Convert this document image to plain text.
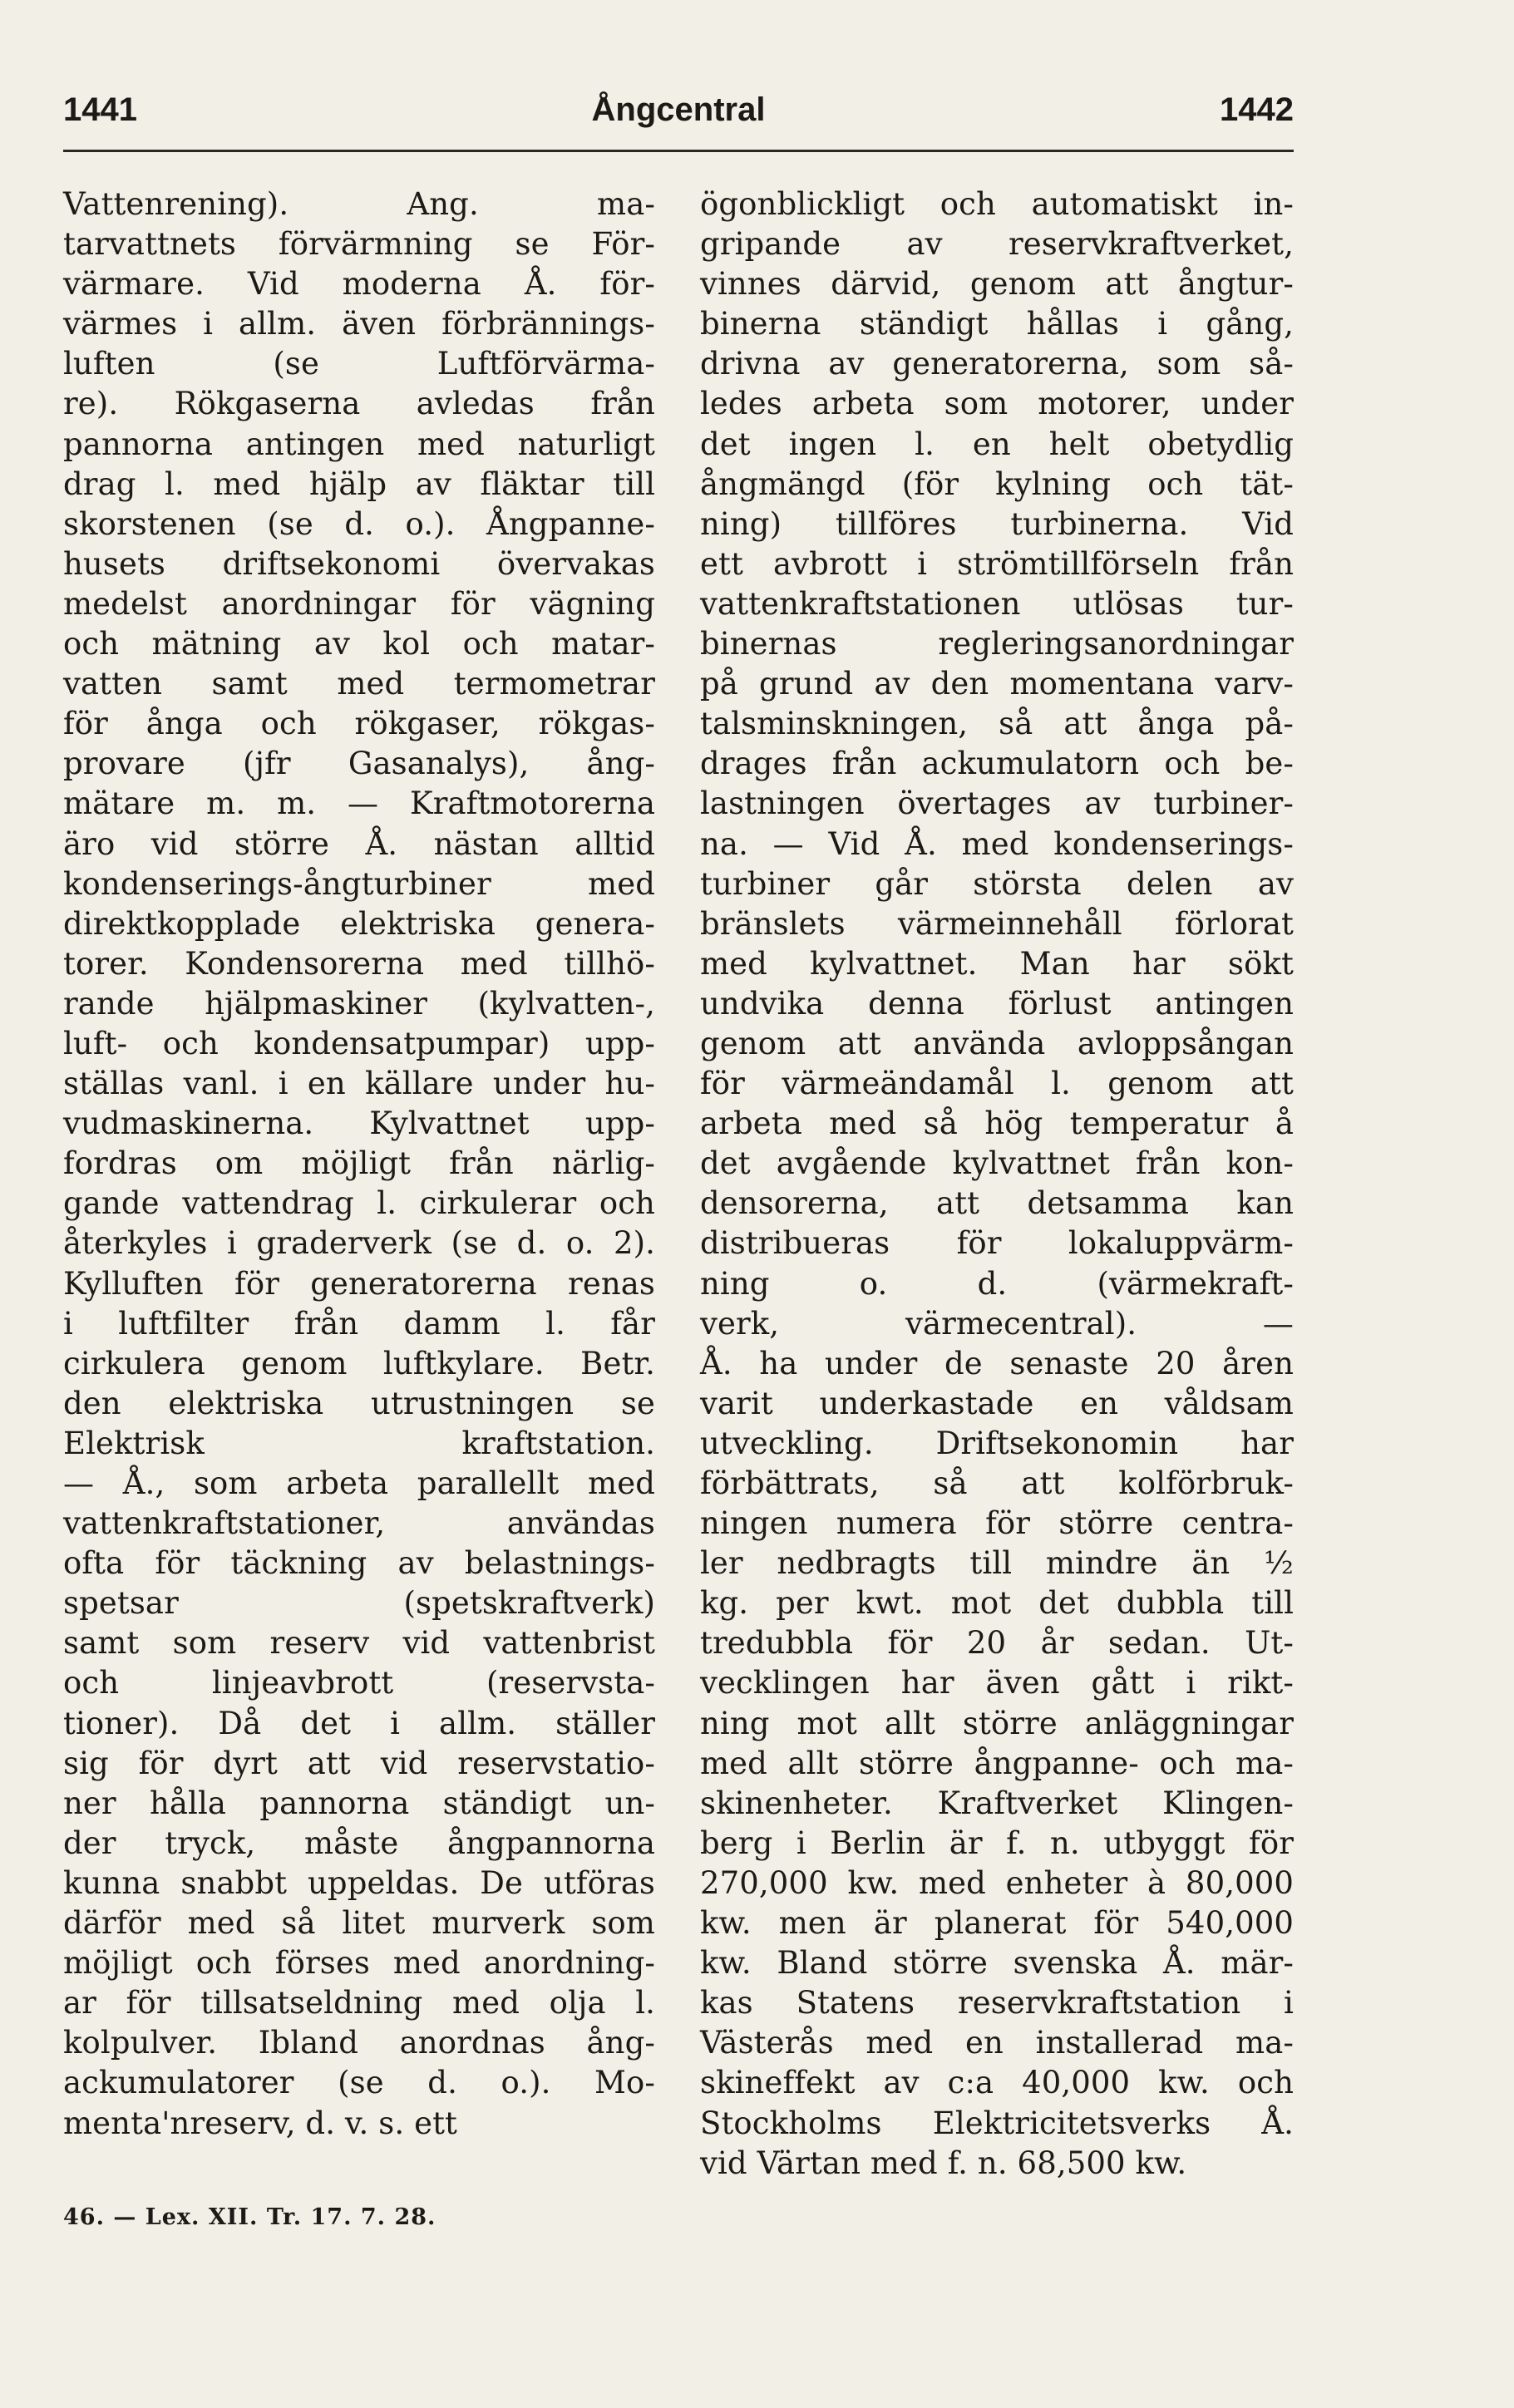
1441	Ångcentral	1442
Vattenrening). Ang. ma-
tarvattnets förvärmning se För-
värmare. Vid moderna Å. för-
värmes i allm. även förbrännings-
luften (se Luftförvärma-
re). Rökgaserna avledas från
pannorna antingen med naturligt
drag l. med hjälp av fläktar till
skorstenen (se d. o.). Ångpanne-
husets driftsekonomi övervakas
medelst anordningar för vägning
och mätning av kol och matar-
vatten samt med termometrar
för ånga och rökgaser, rökgas-
provare (jfr Gasanalys), ång-
mätare m. m. — Kraftmotorerna
äro vid större Å. nästan alltid
kondenserings-ångturbiner med
direktkopplade elektriska genera-
torer. Kondensorerna med tillhö-
rande hjälpmaskiner (kylvatten-,
luft- och kondensatpumpar) upp-
ställas vanl. i en källare under hu-
vudmaskinerna. Kylvattnet upp-
fordras om möjligt från närlig-
gande vattendrag l. cirkulerar och
återkyles i graderverk (se d. o. 2).
Kylluften för generatorerna renas
i luftfilter från damm l. får
cirkulera genom luftkylare. Betr.
den elektriska utrustningen se
Elektrisk kraftstation.
— Å., som arbeta parallellt med
vattenkraftstationer, användas
ofta för täckning av belastnings-
spetsar (spetskraftverk)
samt som reserv vid vattenbrist
och linjeavbrott (reservsta-
tioner). Då det i allm. ställer
sig för dyrt att vid reservstatio-
ner hålla pannorna ständigt un-
der tryck, måste ångpannorna
kunna snabbt uppeldas. De utföras
därför med så litet murverk som
möjligt och förses med anordning-
ar för tillsatseldning med olja l.
kolpulver. Ibland anordnas ång-
ackumulatorer (se d. o.). Mo-
menta'nreserv, d. v. s. ett
ögonblickligt och automatiskt in-
gripande av reservkraftverket,
vinnes därvid, genom att ångtur-
binerna ständigt hållas i gång,
drivna av generatorerna, som så-
ledes arbeta som motorer, under
det ingen l. en helt obetydlig
ångmängd (för kylning och tät-
ning) tillföres turbinerna. Vid
ett avbrott i strömtillförseln från
vattenkraftstationen utlösas tur-
binernas regleringsanordningar
på grund av den momentana varv-
talsminskningen, så att ånga på-
drages från ackumulatorn och be-
lastningen övertages av turbiner-
na. — Vid Å. med kondenserings-
turbiner går största delen av
bränslets värmeinnehåll förlorat
med kylvattnet. Man har sökt
undvika denna förlust antingen
genom att använda avloppsångan
för värmeändamål l. genom att
arbeta med så hög temperatur å
det avgående kylvattnet från kon-
densorerna, att detsamma kan
distribueras för lokaluppvärm-
ning o. d. (värmekraft-
verk, värmecentral). —
Å. ha under de senaste 20 åren
varit underkastade en våldsam
utveckling. Driftsekonomin har
förbättrats, så att kolförbruk-
ningen numera för större centra-
ler nedbragts till mindre än ½
kg. per kwt. mot det dubbla till
tredubbla för 20 år sedan. Ut-
vecklingen har även gått i rikt-
ning mot allt större anläggningar
med allt större ångpanne- och ma-
skinenheter. Kraftverket Klingen-
berg i Berlin är f. n. utbyggt för
270,000 kw. med enheter à 80,000
kw. men är planerat för 540,000
kw. Bland större svenska Å. mär-
kas Statens reservkraftstation i
Västerås med en installerad ma-
skineffekt av c:a 40,000 kw. och
Stockholms Elektricitetsverks Å.
vid Värtan med f. n. 68,500 kw.
46. — Lex. XII. Tr. 17. 7. 28.
